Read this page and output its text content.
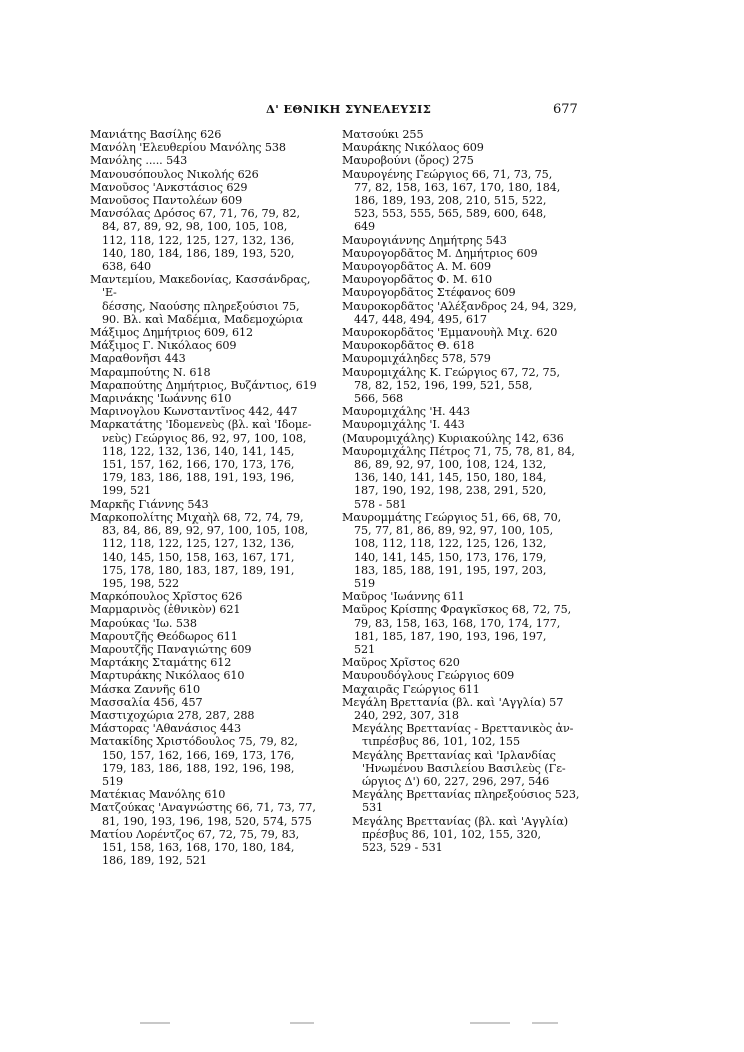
Δ' ΕΘΝΙΚΗ ΣΥΝΕΛΕΥΣΙΣ	677

Μανιάτης Βασίλης 626

Μανόλη 'Ελευθερίου Μανόλης 538

Μανόλης ..... 543

Μανουσόπουλος Νικολής 626

Μανοῦσος 'Ανκστάσιος 629

Μανοῦσος Παντολέων 609

Μανσόλας Δρόσος 67, 71, 76, 79, 82,
84, 87, 89, 92, 98, 100, 105, 108,
112, 118, 122, 125, 127, 132, 136,
140, 180, 184, 186, 189, 193, 520,
638, 640

Μαντεμίου, Μακεδονίας, Κασσάνδρας, 'Ε-
δέσσης, Ναούσης πληρεξούσιοι 75,
90. Βλ. καὶ Μαδέμια, Μαδεμοχώρια

Μάξιμος Δημήτριος 609, 612

Μάξιμος Γ. Νικόλαος 609

Μαραθονῆσι 443

Μαραμπούτης Ν. 618

Μαραπούτης Δημήτριος, Βυζάντιος, 619

Μαρινάκης 'Ιωάννης 610

Μαρινογλου Κωνσταντῖνος 442, 447

Μαρκατάτης 'Ιδομενεὺς (βλ. καὶ 'Ιδομε-
νεὺς) Γεώργιος 86, 92, 97, 100, 108,
118, 122, 132, 136, 140, 141, 145,
151, 157, 162, 166, 170, 173, 176,
179, 183, 186, 188, 191, 193, 196,
199, 521

Μαρκῆς Γιάννης 543

Μαρκοπολίτης Μιχαὴλ 68, 72, 74, 79,
83, 84, 86, 89, 92, 97, 100, 105, 108,
112, 118, 122, 125, 127, 132, 136,
140, 145, 150, 158, 163, 167, 171,
175, 178, 180, 183, 187, 189, 191,
195, 198, 522

Μαρκόπουλος Χρῖστος 626

Μαρμαρινὸς (ἐθνικὸν) 621

Μαρούκας 'Ιω. 538

Μαρουτζῆς Θεόδωρος 611

Μαρουτζῆς Παναγιώτης 609

Μαρτάκης Σταμάτης 612

Μαρτυράκης Νικόλαος 610

Μάσκα Ζαννῆς 610

Μασσαλία 456, 457

Μαστιχοχώρια 278, 287, 288

Μάστορας 'Αθανάσιος 443

Ματακίδης Χριστόδουλος 75, 79, 82,
150, 157, 162, 166, 169, 173, 176,
179, 183, 186, 188, 192, 196, 198,
519

Ματέκιας Μανόλης 610

Ματζούκας 'Αναγνώστης 66, 71, 73, 77,
81, 190, 193, 196, 198, 520, 574, 575

Ματίου Λορέντζος 67, 72, 75, 79, 83,
151, 158, 163, 168, 170, 180, 184,
186, 189, 192, 521

Ματσούκι 255

Μαυράκης Νικόλαος 609

Μαυροβούνι (ὄρος) 275

Μαυρογένης Γεώργιος 66, 71, 73, 75,
77, 82, 158, 163, 167, 170, 180, 184,
186, 189, 193, 208, 210, 515, 522,
523, 553, 555, 565, 589, 600, 648,
649

Μαυρογιάννης Δημήτρης 543

Μαυρογορδᾶτος Μ. Δημήτριος 609

Μαυρογορδᾶτος Α. Μ. 609

Μαυρογορδᾶτος Φ. Μ. 610

Μαυρογορδᾶτος Στέφανος 609

Μαυροκορδᾶτος 'Αλέξανδρος 24, 94, 329,
447, 448, 494, 495, 617

Μαυροκορδᾶτος 'Εμμανουὴλ Μιχ. 620

Μαυροκορδᾶτος Θ. 618

Μαυρομιχάληδες 578, 579

Μαυρομιχάλης Κ. Γεώργιος 67, 72, 75,
78, 82, 152, 196, 199, 521, 558,
566, 568

Μαυρομιχάλης 'Η. 443

Μαυρομιχάλης 'Ι. 443

(Μαυρομιχάλης) Κυριακούλης 142, 636

Μαυρομιχάλης Πέτρος 71, 75, 78, 81, 84,
86, 89, 92, 97, 100, 108, 124, 132,
136, 140, 141, 145, 150, 180, 184,
187, 190, 192, 198, 238, 291, 520,
578 - 581

Μαυρομμάτης Γεώργιος 51, 66, 68, 70,
75, 77, 81, 86, 89, 92, 97, 100, 105,
108, 112, 118, 122, 125, 126, 132,
140, 141, 145, 150, 173, 176, 179,
183, 185, 188, 191, 195, 197, 203,
519

Μαῦρος 'Ιωάννης 611

Μαῦρος Κρίσπης Φραγκῖσκος 68, 72, 75,
79, 83, 158, 163, 168, 170, 174, 177,
181, 185, 187, 190, 193, 196, 197,
521

Μαῦρος Χρῖστος 620

Μαυρουδόγλους Γεώργιος 609

Μαχαιρᾶς Γεώργιος 611

Μεγάλη Βρεττανία (βλ. καὶ 'Αγγλία) 57
240, 292, 307, 318

Μεγάλης Βρεττανίας - Βρεττανικὸς ἀν-
τιπρέσβυς 86, 101, 102, 155

Μεγάλης Βρεττανίας καὶ 'Ιρλανδίας
'Ηνωμένου Βασιλείου Βασιλεὺς (Γε-
ώργιος Δ') 60, 227, 296, 297, 546

Μεγάλης Βρεττανίας πληρεξούσιος 523,
531

Μεγάλης Βρεττανίας (βλ. καὶ 'Αγγλία)
πρέσβυς 86, 101, 102, 155, 320,
523, 529 - 531
